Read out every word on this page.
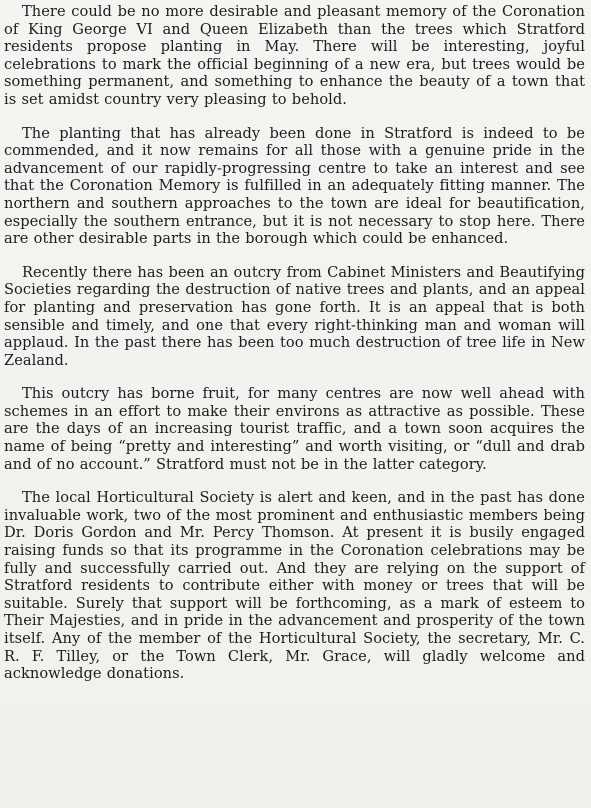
There could be no more desirable and pleasant memory of the Coronation of King George VI and Queen Elizabeth than the trees which Stratford residents propose planting in May. There will be interesting, joyful celebrations to mark the official beginning of a new era, but trees would be something permanent, and something to enhance the beauty of a town that is set amidst country very pleasing to behold.

The planting that has already been done in Stratford is indeed to be commended, and it now remains for all those with a genuine pride in the advancement of our rapidly-progressing centre to take an interest and see that the Coronation Memory is fulfilled in an adequately fitting manner. The northern and southern approaches to the town are ideal for beautification, especially the southern entrance, but it is not necessary to stop here. There are other desirable parts in the borough which could be enhanced.

Recently there has been an outcry from Cabinet Ministers and Beautifying Societies regarding the destruction of native trees and plants, and an appeal for planting and preservation has gone forth. It is an appeal that is both sensible and timely, and one that every right-thinking man and woman will applaud. In the past there has been too much destruction of tree life in New Zealand.

This outcry has borne fruit, for many centres are now well ahead with schemes in an effort to make their environs as attractive as possible. These are the days of an increasing tourist traffic, and a town soon acquires the name of being “pretty and interesting” and worth visiting, or “dull and drab and of no account.” Stratford must not be in the latter category.

The local Horticultural Society is alert and keen, and in the past has done invaluable work, two of the most prominent and enthusiastic members being Dr. Doris Gordon and Mr. Percy Thomson. At present it is busily engaged raising funds so that its programme in the Coronation celebrations may be fully and successfully carried out. And they are relying on the support of Stratford residents to contribute either with money or trees that will be suitable. Surely that support will be forthcoming, as a mark of esteem to Their Majesties, and in pride in the advancement and prosperity of the town itself. Any of the member of the Horticultural Society, the secretary, Mr. C. R. F. Tilley, or the Town Clerk, Mr. Grace, will gladly welcome and acknowledge donations.
